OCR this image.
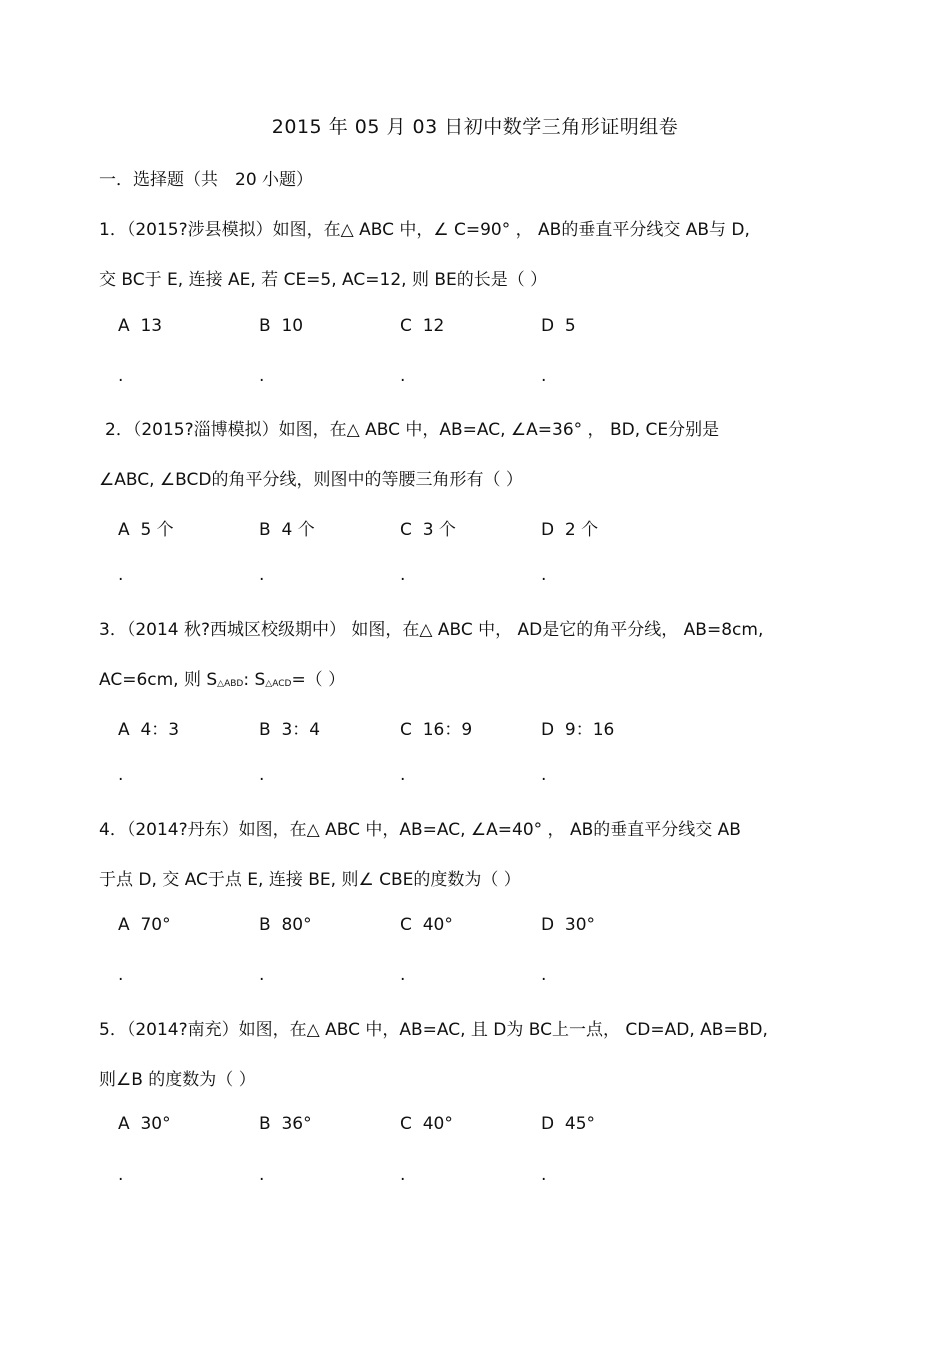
2015 年 05 月 03 日初中数学三角形证明组卷
一．选择题（共　20 小题）
1．（2015?涉县模拟）如图，在△ ABC 中，∠ C=90° ， AB的垂直平分线交 AB与 D,
交 BC于 E, 连接 AE, 若 CE=5, AC=12, 则 BE的长是（ ）
A 13	B 10	C 12	D 5
.	.	.	.
2．（2015?淄博模拟）如图，在△ ABC 中，AB=AC, ∠A=36° ， BD, CE分别是
∠ABC, ∠BCD的角平分线，则图中的等腰三角形有（ ）
A 5 个	B 4 个	C 3 个	D 2 个
.	.	.	.
3．（2014 秋?西城区校级期中） 如图，在△ ABC 中， AD是它的角平分线， AB=8cm,
AC=6cm, 则 $S_{\triangle ABD}$: $S_{\triangle ACD}=$（ ）
A 4：3	B 3：4	C 16：9	D 9：16
.	.	.	.
4．（2014?丹东）如图，在△ ABC 中，AB=AC, ∠A=40° ， AB的垂直平分线交 AB
于点 D, 交 AC于点 E, 连接 BE, 则∠ CBE的度数为（ ）
A 70°	B 80°	C 40°	D 30°
.	.	.	.
5．（2014?南充）如图，在△ ABC 中，AB=AC, 且 D为 BC上一点， CD=AD, AB=BD,
则∠B 的度数为（ ）
A 30°	B 36°	C 40°	D 45°
.	.	.	.
